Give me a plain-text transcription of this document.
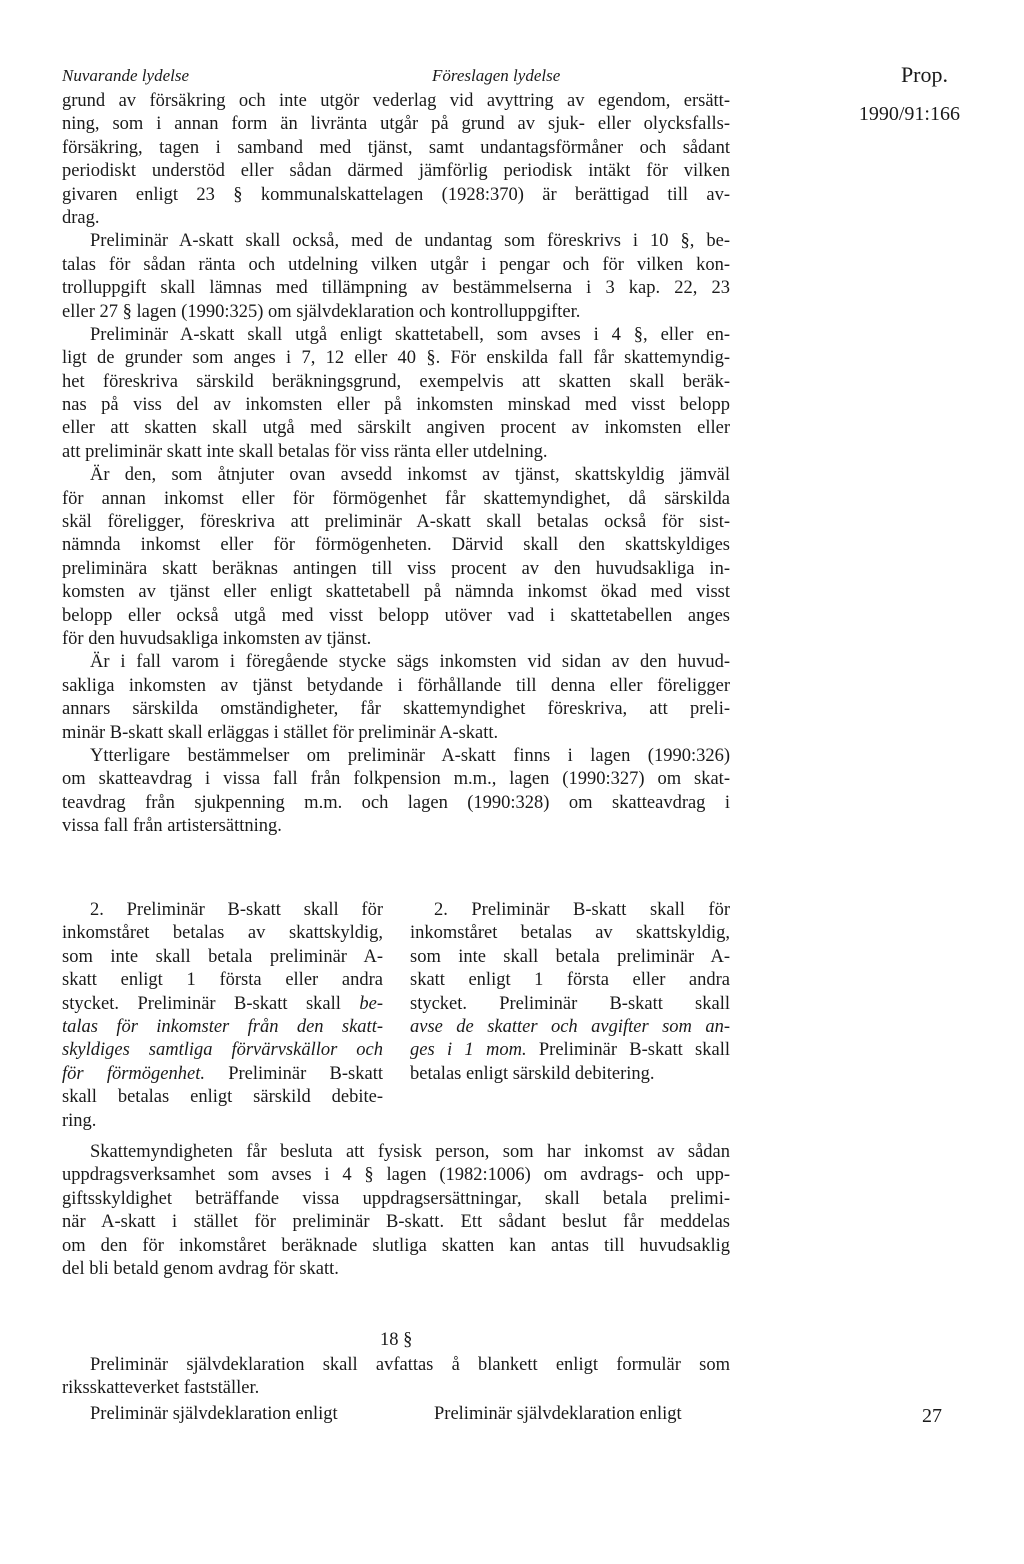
Nuvarande lydelse	Föreslagen lydelse	Prop.
1990/91:166
grund av försäkring och inte utgör vederlag vid avyttring av egendom, ersätt-
ning, som i annan form än livränta utgår på grund av sjuk- eller olycksfalls-
försäkring, tagen i samband med tjänst, samt undantagsförmåner och sådant
periodiskt understöd eller sådan därmed jämförlig periodisk intäkt för vilken
givaren enligt 23 § kommunalskattelagen (1928:370) är berättigad till av-
drag.
Preliminär A-skatt skall också, med de undantag som föreskrivs i 10 §, be-
talas för sådan ränta och utdelning vilken utgår i pengar och för vilken kon-
trolluppgift skall lämnas med tillämpning av bestämmelserna i 3 kap. 22, 23
eller 27 § lagen (1990:325) om självdeklaration och kontrolluppgifter.
Preliminär A-skatt skall utgå enligt skattetabell, som avses i 4 §, eller en-
ligt de grunder som anges i 7, 12 eller 40 §. För enskilda fall får skattemyndig-
het föreskriva särskild beräkningsgrund, exempelvis att skatten skall beräk-
nas på viss del av inkomsten eller på inkomsten minskad med visst belopp
eller att skatten skall utgå med särskilt angiven procent av inkomsten eller
att preliminär skatt inte skall betalas för viss ränta eller utdelning.
Är den, som åtnjuter ovan avsedd inkomst av tjänst, skattskyldig jämväl
för annan inkomst eller för förmögenhet får skattemyndighet, då särskilda
skäl föreligger, föreskriva att preliminär A-skatt skall betalas också för sist-
nämnda inkomst eller för förmögenheten. Därvid skall den skattskyldiges
preliminära skatt beräknas antingen till viss procent av den huvudsakliga in-
komsten av tjänst eller enligt skattetabell på nämnda inkomst ökad med visst
belopp eller också utgå med visst belopp utöver vad i skattetabellen anges
för den huvudsakliga inkomsten av tjänst.
Är i fall varom i föregående stycke sägs inkomsten vid sidan av den huvud-
sakliga inkomsten av tjänst betydande i förhållande till denna eller föreligger
annars särskilda omständigheter, får skattemyndighet föreskriva, att preli-
minär B-skatt skall erläggas i stället för preliminär A-skatt.
Ytterligare bestämmelser om preliminär A-skatt finns i lagen (1990:326)
om skatteavdrag i vissa fall från folkpension m.m., lagen (1990:327) om skat-
teavdrag från sjukpenning m.m. och lagen (1990:328) om skatteavdrag i
vissa fall från artistersättning.
2. Preliminär B-skatt skall för
inkomståret betalas av skattskyldig,
som inte skall betala preliminär A-
skatt enligt 1 första eller andra
stycket. Preliminär B-skatt skall be-
talas för inkomster från den skatt-
skyldiges samtliga förvärvskällor och
för förmögenhet. Preliminär B-skatt
skall betalas enligt särskild debite-
ring.
2. Preliminär B-skatt skall för
inkomståret betalas av skattskyldig,
som inte skall betala preliminär A-
skatt enligt 1 första eller andra
stycket. Preliminär B-skatt skall
avse de skatter och avgifter som an-
ges i 1 mom. Preliminär B-skatt skall
betalas enligt särskild debitering.
Skattemyndigheten får besluta att fysisk person, som har inkomst av sådan
uppdragsverksamhet som avses i 4 § lagen (1982:1006) om avdrags- och upp-
giftsskyldighet beträffande vissa uppdragsersättningar, skall betala prelimi-
när A-skatt i stället för preliminär B-skatt. Ett sådant beslut får meddelas
om den för inkomståret beräknade slutliga skatten kan antas till huvudsaklig
del bli betald genom avdrag för skatt.
18 §
Preliminär självdeklaration skall avfattas å blankett enligt formulär som
riksskatteverket fastställer.
Preliminär självdeklaration enligt	Preliminär självdeklaration enligt	27
